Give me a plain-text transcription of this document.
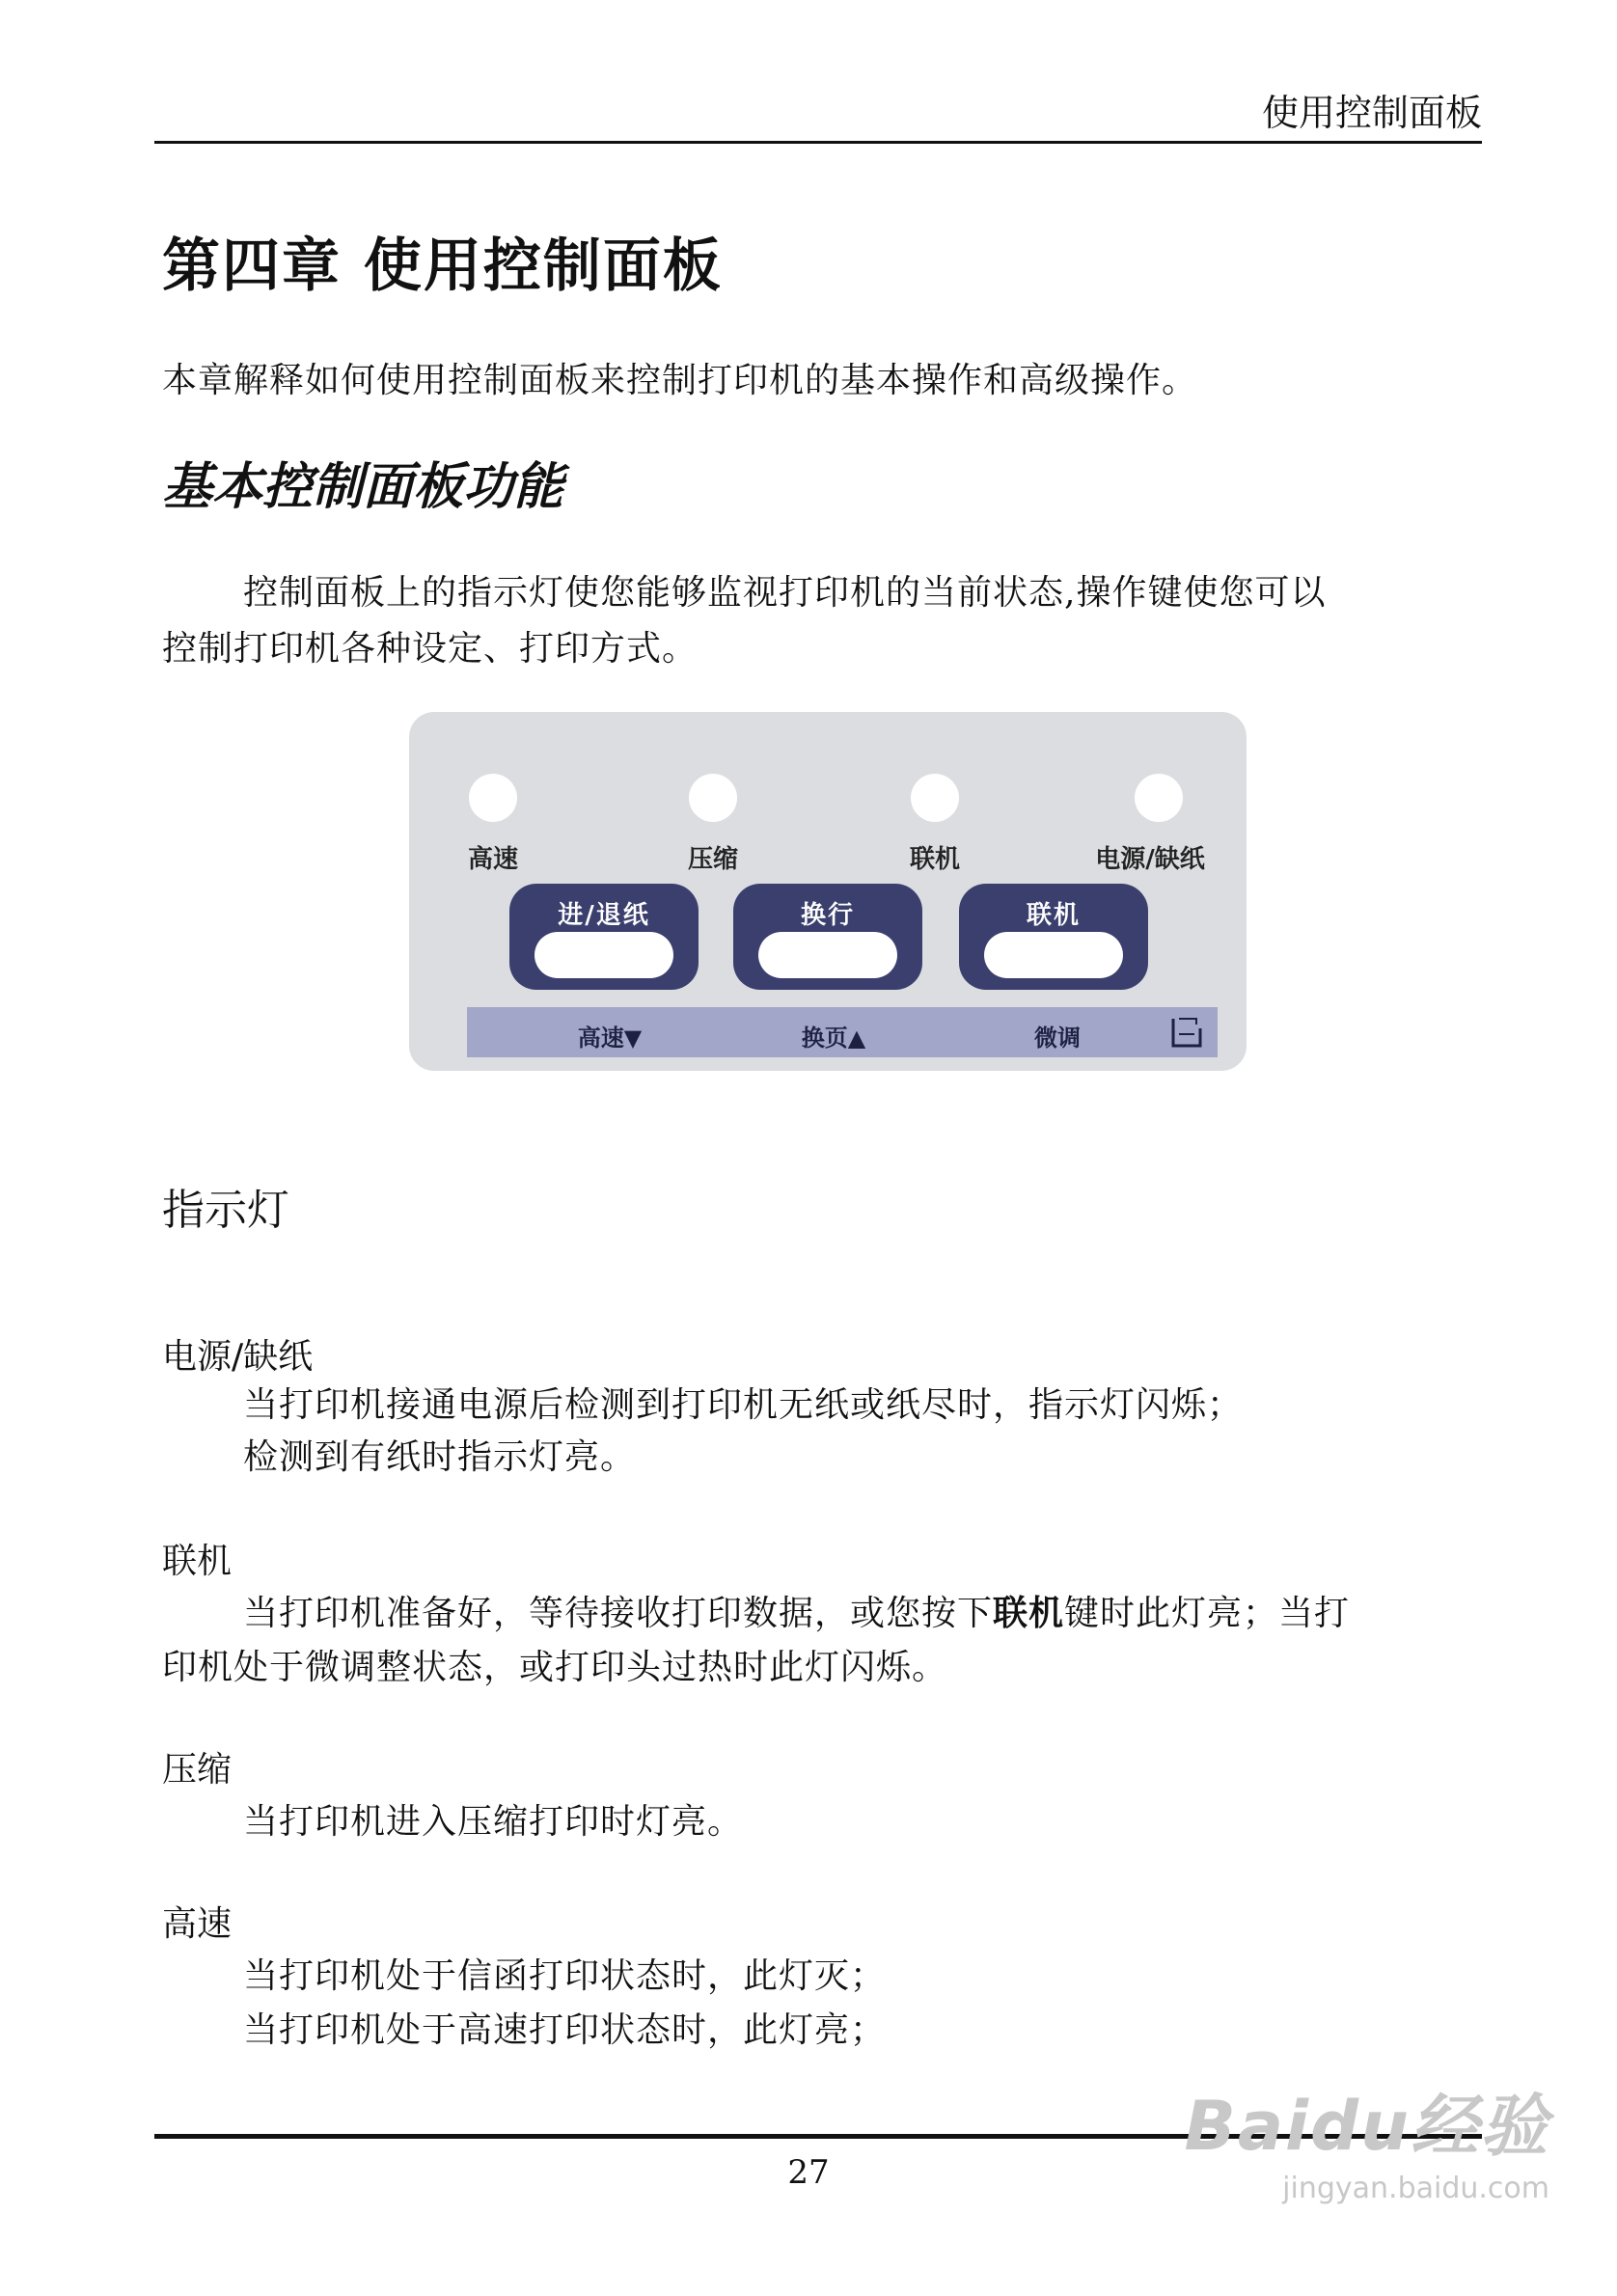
使用控制面板
第四章 使用控制面板
本章解释如何使用控制面板来控制打印机的基本操作和高级操作。
基本控制面板功能
控制面板上的指示灯使您能够监视打印机的当前状态,操作键使您可以
控制打印机各种设定、打印方式。
高速	压缩	联机	电源/缺纸
进/退纸	换行	联机
高速▼	换页▲	微调
指示灯
电源/缺纸
当打印机接通电源后检测到打印机无纸或纸尽时，指示灯闪烁；
检测到有纸时指示灯亮。
联机
当打印机准备好，等待接收打印数据，或您按下联机键时此灯亮；当打
印机处于微调整状态，或打印头过热时此灯闪烁。
压缩
当打印机进入压缩打印时灯亮。
高速
当打印机处于信函打印状态时，此灯灭；
当打印机处于高速打印状态时，此灯亮；
27
Baidu经验
jingyan.baidu.com
